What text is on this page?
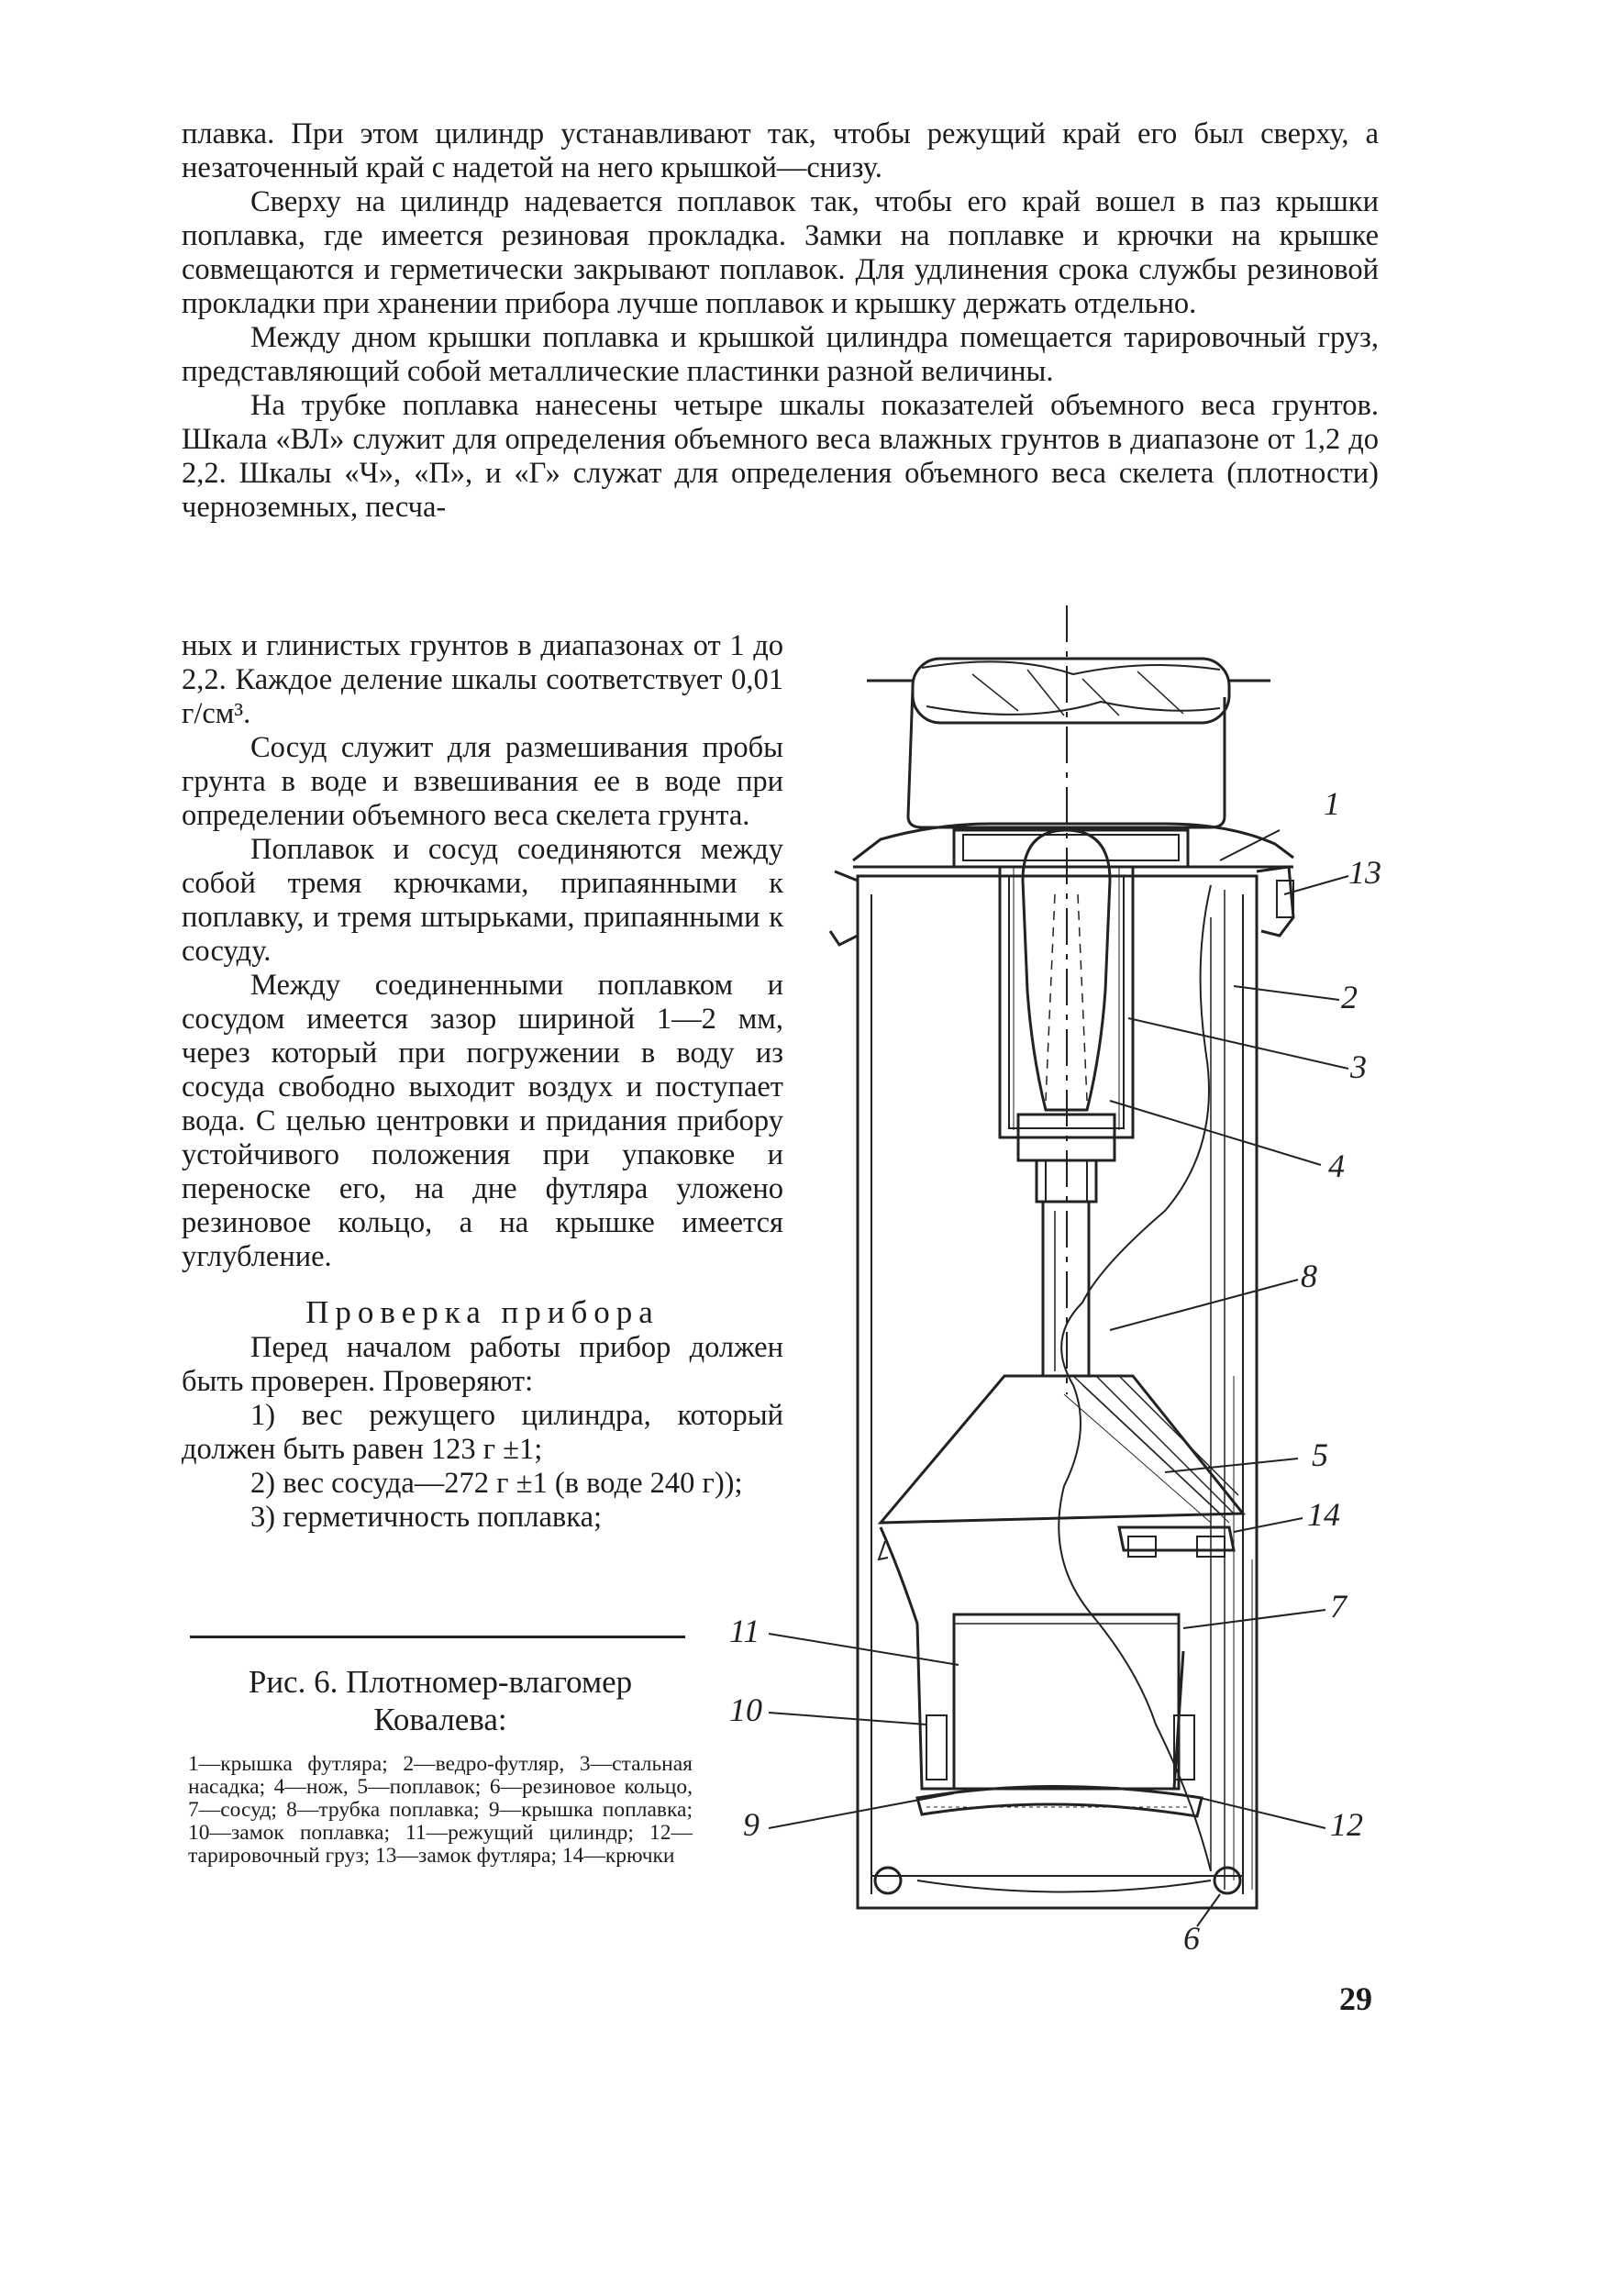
плавка. При этом цилиндр устанавливают так, чтобы режущий край его был сверху, а незаточенный край с надетой на него крышкой—снизу.

Сверху на цилиндр надевается поплавок так, чтобы его край вошел в паз крышки поплавка, где имеется резиновая прокладка. Замки на поплавке и крючки на крышке совмещаются и герметически закрывают поплавок. Для удлинения срока службы резиновой прокладки при хранении прибора лучше поплавок и крышку держать отдельно.

Между дном крышки поплавка и крышкой цилиндра помещается тарировочный груз, представляющий собой металлические пластинки разной величины.

На трубке поплавка нанесены четыре шкалы показателей объемного веса грунтов. Шкала «ВЛ» служит для определения объемного веса влажных грунтов в диапазоне от 1,2 до 2,2. Шкалы «Ч», «П», и «Г» служат для определения объемного веса скелета (плотности) черноземных, песча-

ных и глинистых грунтов в диапазонах от 1 до 2,2. Каждое деление шкалы соответствует 0,01 г/см³.

Сосуд служит для размешивания пробы грунта в воде и взвешивания ее в воде при определении объемного веса скелета грунта.

Поплавок и сосуд соединяются между собой тремя крючками, припаянными к поплавку, и тремя штырьками, припаянными к сосуду.

Между соединенными поплавком и сосудом имеется зазор шириной 1—2 мм, через который при погружении в воду из сосуда свободно выходит воздух и поступает вода. С целью центровки и придания прибору устойчивого положения при упаковке и переноске его, на дне футляра уложено резиновое кольцо, а на крышке имеется углубление.

Проверка прибора

Перед началом работы прибор должен быть проверен. Проверяют:

1) вес режущего цилиндра, который должен быть равен 123 г ±1;

2) вес сосуда—272 г ±1 (в воде 240 г));

3) герметичность поплавка;

Рис. 6. Плотномер-влагомер Ковалева:

1—крышка футляра; 2—ведро-футляр, 3—стальная насадка; 4—нож, 5—поплавок; 6—резиновое кольцо, 7—сосуд; 8—трубка поплавка; 9—крышка поплавка; 10—замок поплавка; 11—режущий цилиндр; 12—тарировочный груз; 13—замок футляра; 14—крючки
1
13
2
3
4
8
5
14
7
11
10
9	12
6
29
